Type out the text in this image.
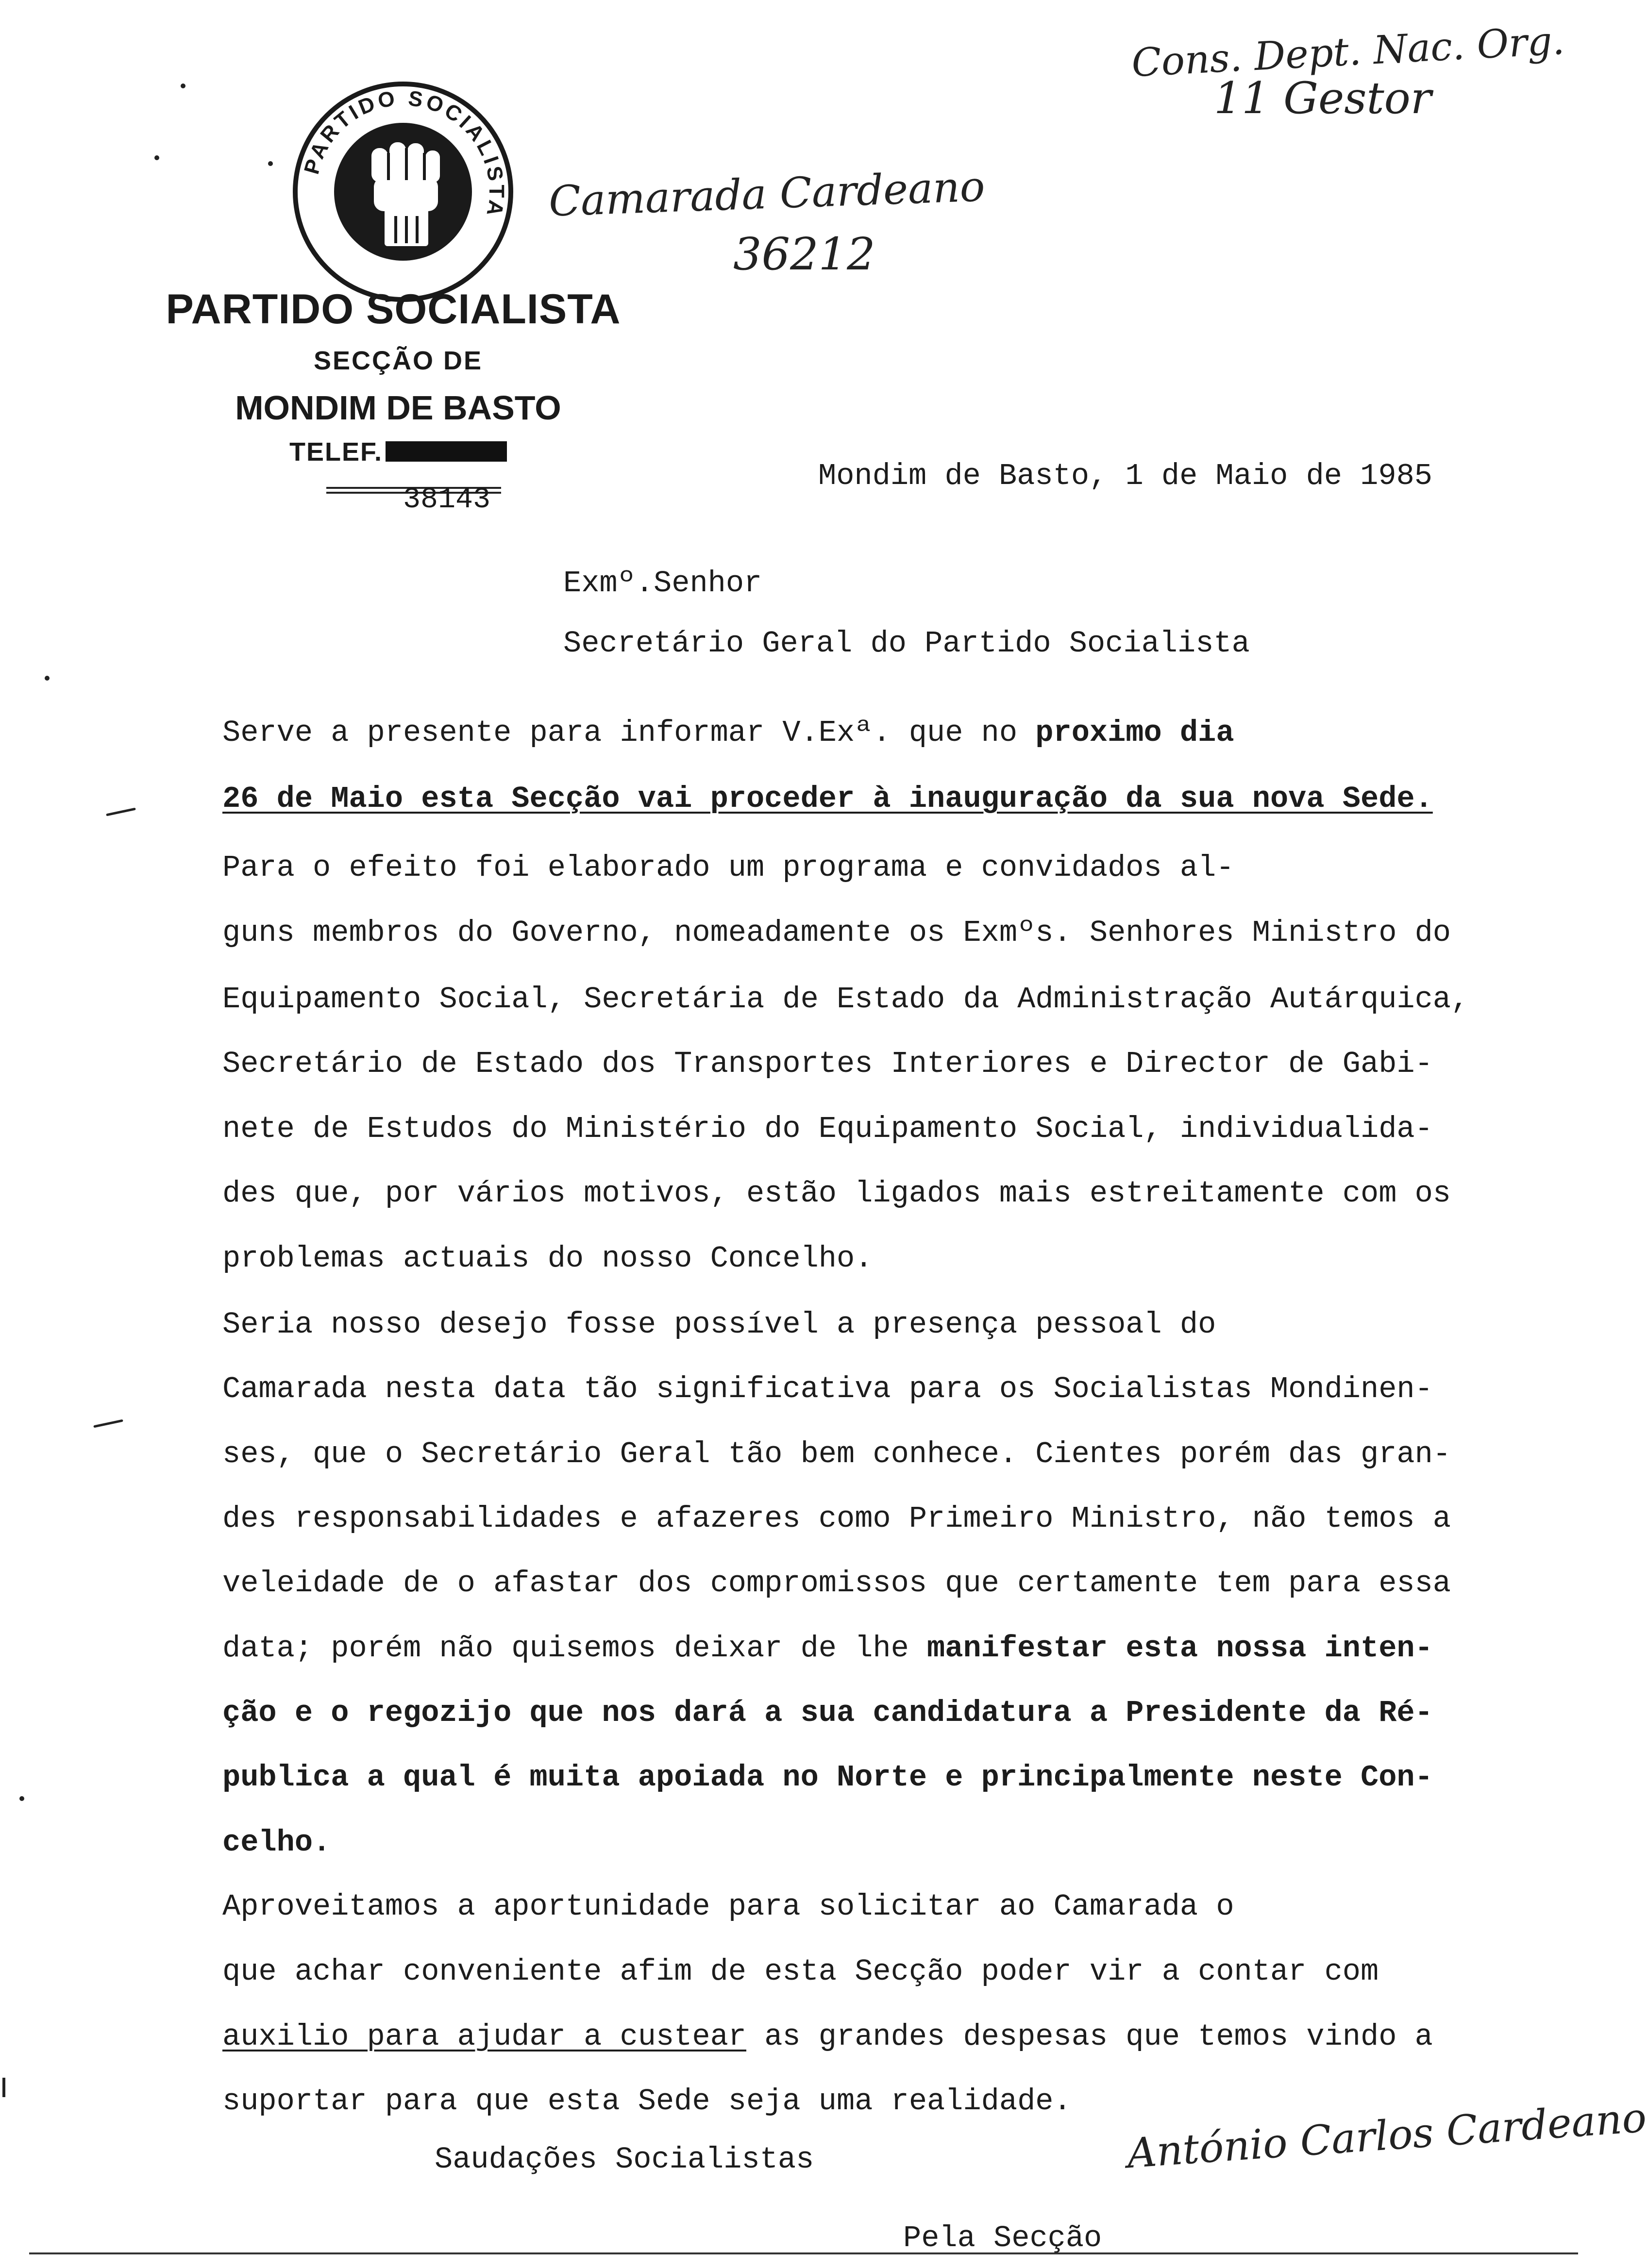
PARTIDO SOCIALISTA
PARTIDO SOCIALISTA
SECÇÃO DE
MONDIM DE BASTO
TELEF.
38143
Cons. Dept. Nac. Org.
11 Gestor
Camarada Cardeano
36212
Mondim de Basto, 1 de Maio de 1985
Exmº.Senhor
Secretário Geral do Partido Socialista
Serve a presente para informar V.Exª. que no proximo dia
26 de Maio esta Secção vai proceder à inauguração da sua nova Sede.
Para o efeito foi elaborado um programa e convidados al-
guns membros do Governo, nomeadamente os Exmºs. Senhores Ministro do
Equipamento Social, Secretária de Estado da Administração Autárquica,
Secretário de Estado dos Transportes Interiores e Director de Gabi-
nete de Estudos do Ministério do Equipamento Social, individualida-
des que, por vários motivos, estão ligados mais estreitamente com os
problemas actuais do nosso Concelho.
Seria nosso desejo fosse possível a presença pessoal do
Camarada nesta data tão significativa para os Socialistas Mondinen-
ses, que o Secretário Geral tão bem conhece. Cientes porém das gran-
des responsabilidades e afazeres como Primeiro Ministro, não temos a
veleidade de o afastar dos compromissos que certamente tem para essa
data; porém não quisemos deixar de lhe manifestar esta nossa inten-
ção e o regozijo que nos dará a sua candidatura a Presidente da Ré-
publica a qual é muita apoiada no Norte e principalmente neste Con-
celho.
Aproveitamos a aportunidade para solicitar ao Camarada o
que achar conveniente afim de esta Secção poder vir a contar com
auxilio para ajudar a custear as grandes despesas que temos vindo a
suportar para que esta Sede seja uma realidade.
Saudações Socialistas
Pela Secção
António Carlos Cardeano
